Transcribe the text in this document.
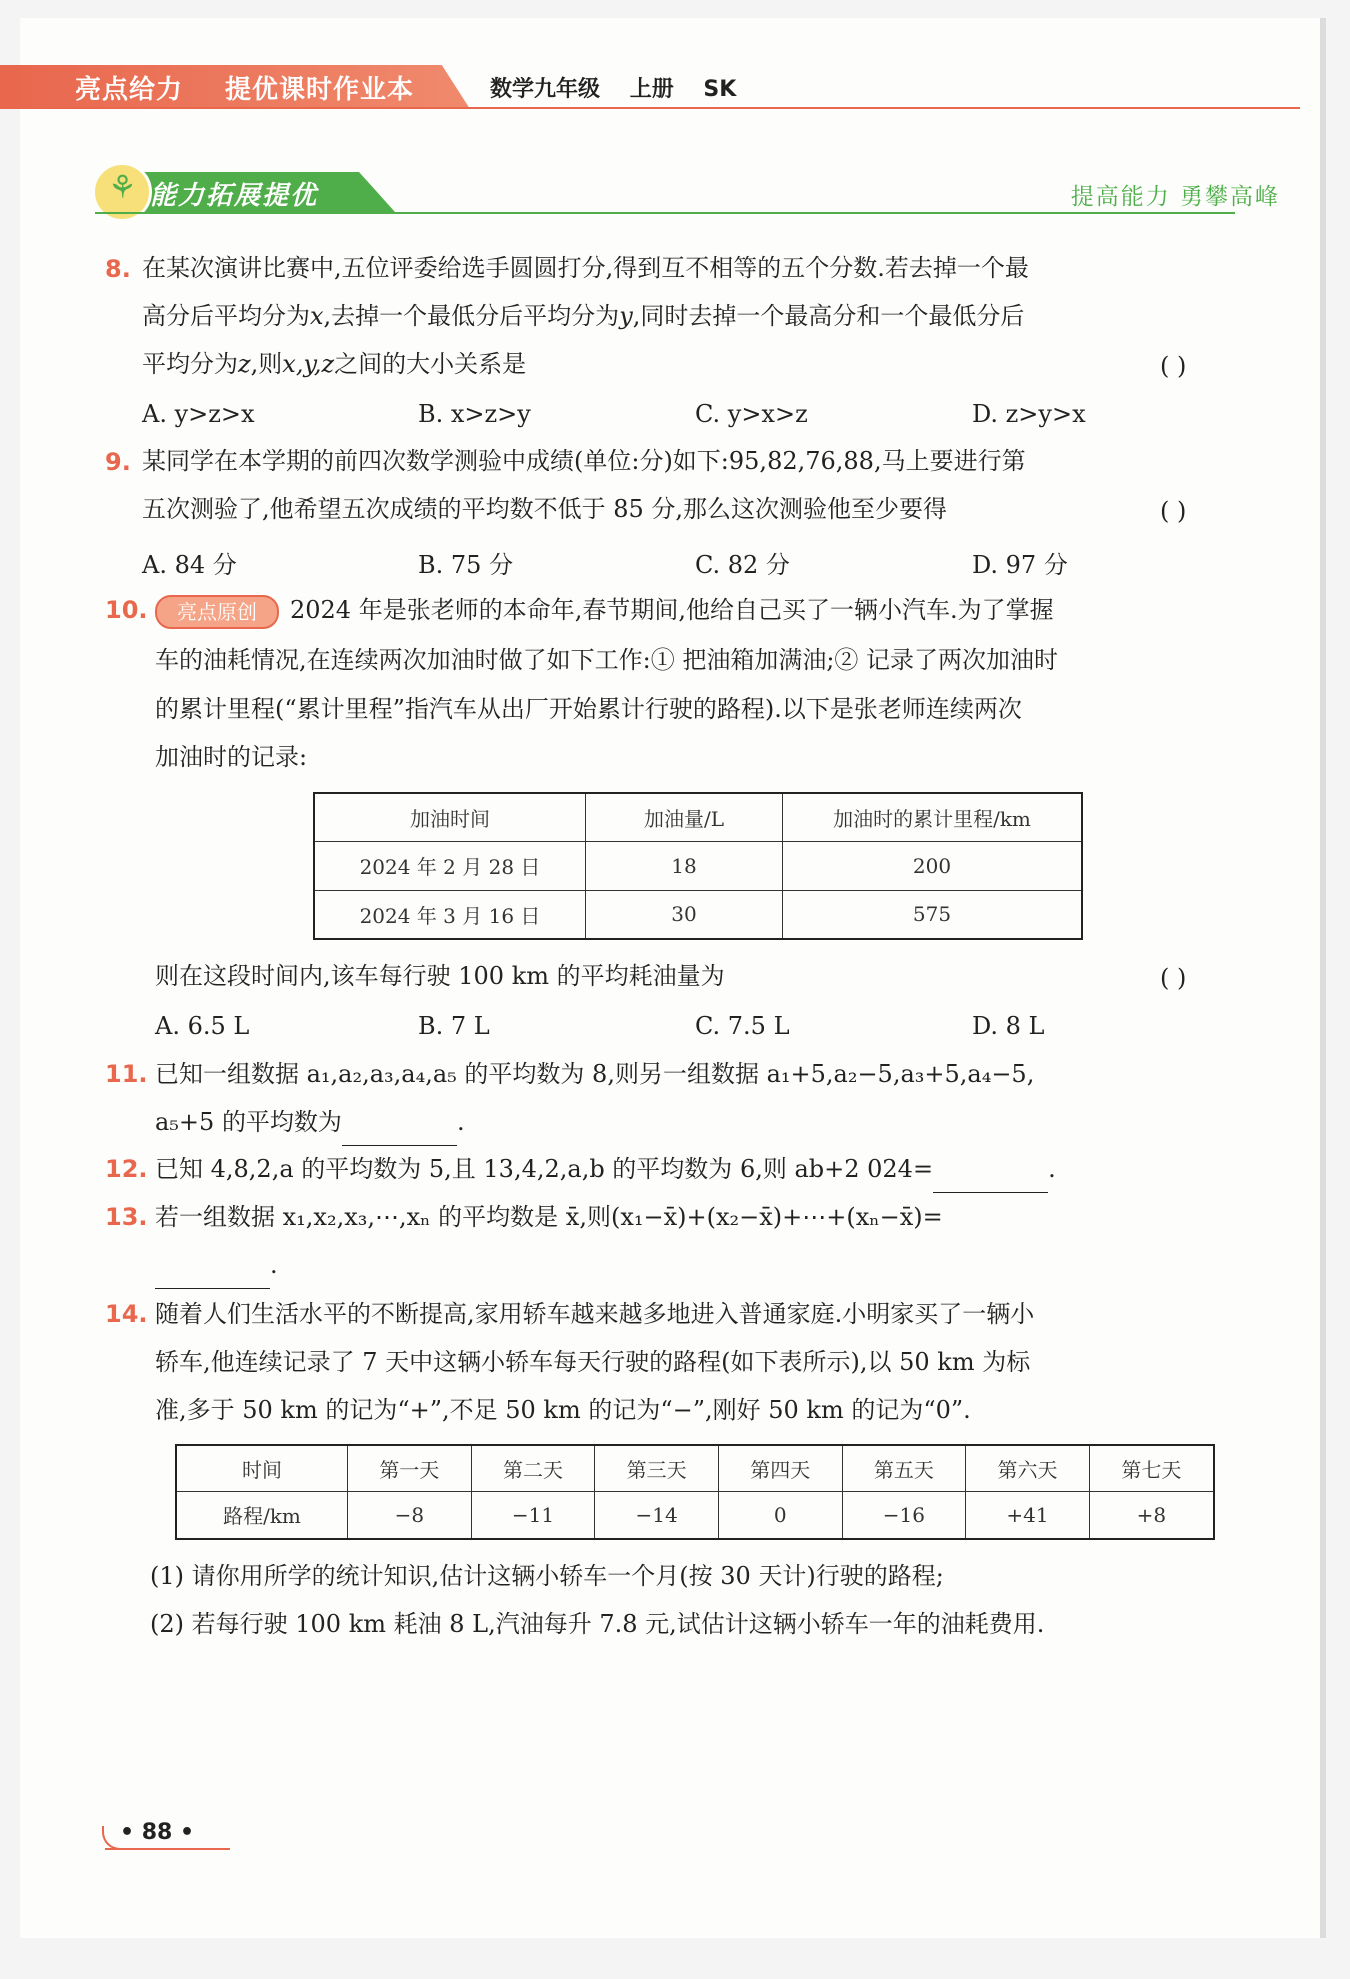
亮点给力 提优课时作业本	数学九年级 上册 SK
⚘ 能力拓展提优	提高能力 勇攀高峰
8. 在某次演讲比赛中,五位评委给选手圆圆打分,得到互不相等的五个分数.若去掉一个最
高分后平均分为x,去掉一个最低分后平均分为y,同时去掉一个最高分和一个最低分后
平均分为z,则x,y,z之间的大小关系是	( )
A. y>z>x	B. x>z>y	C. y>x>z	D. z>y>x
9. 某同学在本学期的前四次数学测验中成绩(单位:分)如下:95,82,76,88,马上要进行第
五次测验了,他希望五次成绩的平均数不低于 85 分,那么这次测验他至少要得	( )
A. 84 分	B. 75 分	C. 82 分	D. 97 分
10.	亮点原创	2024 年是张老师的本命年,春节期间,他给自己买了一辆小汽车.为了掌握
车的油耗情况,在连续两次加油时做了如下工作:① 把油箱加满油;② 记录了两次加油时
的累计里程(“累计里程”指汽车从出厂开始累计行驶的路程).以下是张老师连续两次
加油时的记录:
加油时间	加油量/L	加油时的累计里程/km
2024 年 2 月 28 日	18	200
2024 年 3 月 16 日	30	575
则在这段时间内,该车每行驶 100 km 的平均耗油量为	( )
A. 6.5 L	B. 7 L	C. 7.5 L	D. 8 L
11. 已知一组数据 a₁,a₂,a₃,a₄,a₅ 的平均数为 8,则另一组数据 a₁+5,a₂−5,a₃+5,a₄−5,
a₅+5 的平均数为	.
12. 已知 4,8,2,a 的平均数为 5,且 13,4,2,a,b 的平均数为 6,则 ab+2 024=	.
13. 若一组数据 x₁,x₂,x₃,⋯,xₙ 的平均数是 x̄,则(x₁−x̄)+(x₂−x̄)+⋯+(xₙ−x̄)=
.
14. 随着人们生活水平的不断提高,家用轿车越来越多地进入普通家庭.小明家买了一辆小
轿车,他连续记录了 7 天中这辆小轿车每天行驶的路程(如下表所示),以 50 km 为标
准,多于 50 km 的记为“+”,不足 50 km 的记为“−”,刚好 50 km 的记为“0”.
时间	第一天	第二天	第三天	第四天	第五天	第六天	第七天
路程/km	−8	−11	−14	0	−16	+41	+8
(1) 请你用所学的统计知识,估计这辆小轿车一个月(按 30 天计)行驶的路程;
(2) 若每行驶 100 km 耗油 8 L,汽油每升 7.8 元,试估计这辆小轿车一年的油耗费用.
• 88 •
